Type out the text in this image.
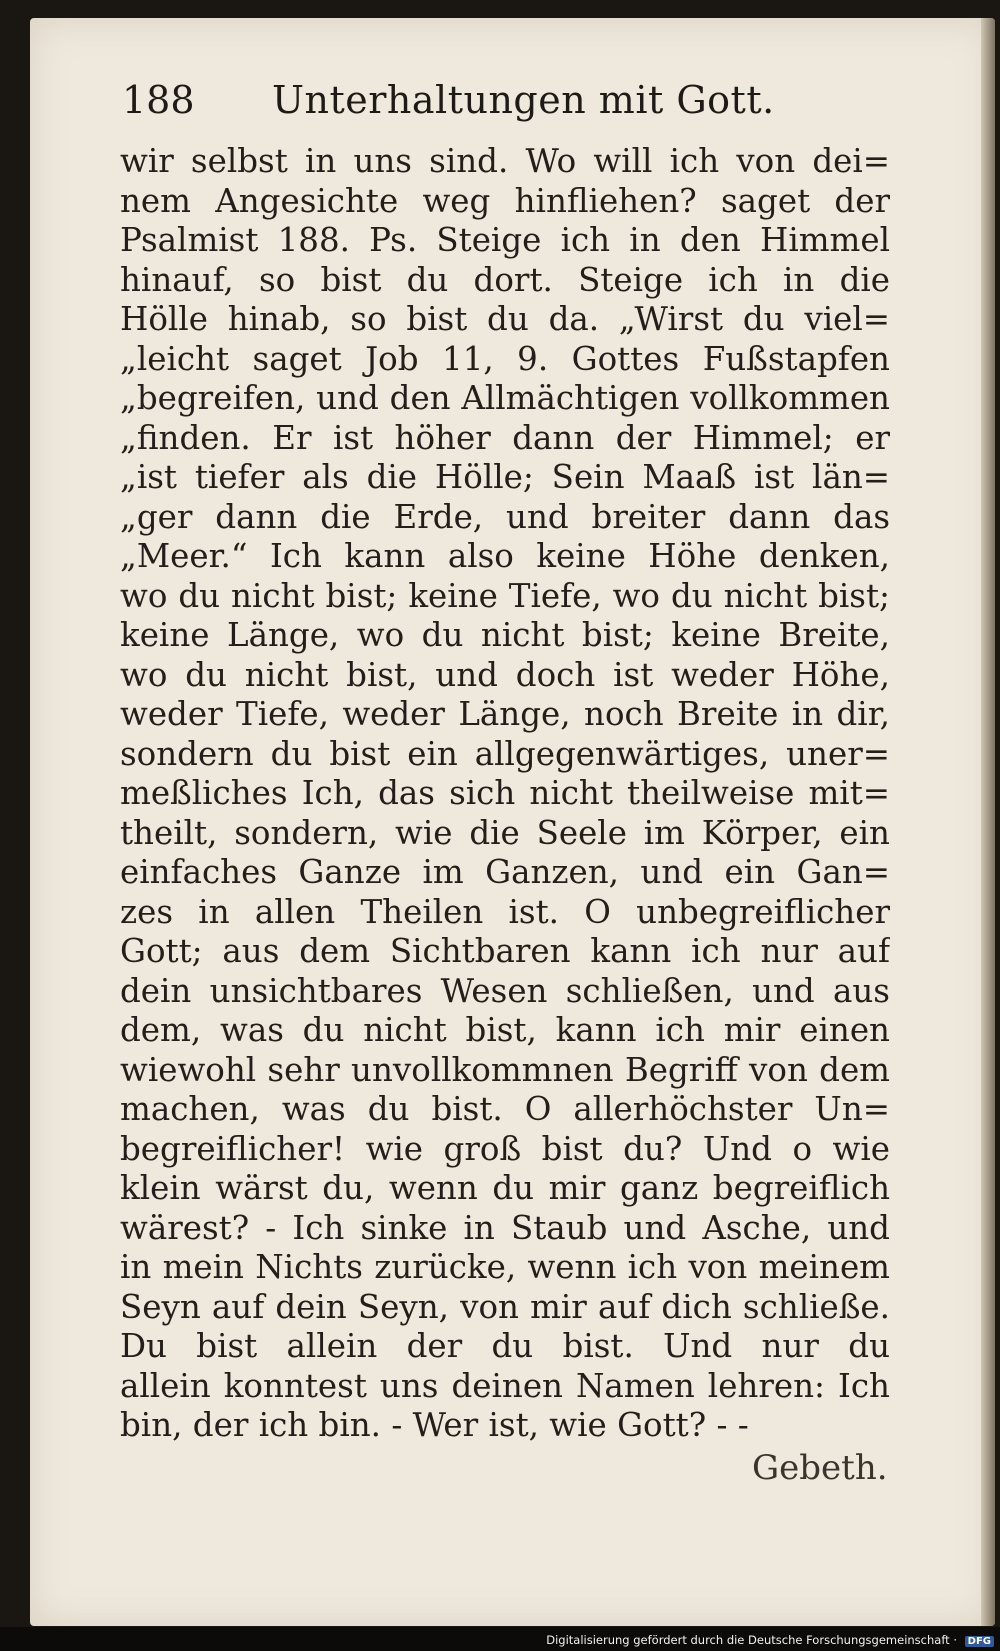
188 Unterhaltungen mit Gott.
wir selbst in uns sind. Wo will ich von dei=
nem Angesichte weg hinfliehen? saget der
Psalmist 188. Ps. Steige ich in den Himmel
hinauf, so bist du dort. Steige ich in die
Hölle hinab, so bist du da. „Wirst du viel=
„leicht saget Job 11, 9. Gottes Fußstapfen
„begreifen, und den Allmächtigen vollkommen
„finden. Er ist höher dann der Himmel; er
„ist tiefer als die Hölle; Sein Maaß ist län=
„ger dann die Erde, und breiter dann das
„Meer.“ Ich kann also keine Höhe denken,
wo du nicht bist; keine Tiefe, wo du nicht bist;
keine Länge, wo du nicht bist; keine Breite,
wo du nicht bist, und doch ist weder Höhe,
weder Tiefe, weder Länge, noch Breite in dir,
sondern du bist ein allgegenwärtiges, uner=
meßliches Ich, das sich nicht theilweise mit=
theilt, sondern, wie die Seele im Körper, ein
einfaches Ganze im Ganzen, und ein Gan=
zes in allen Theilen ist. O unbegreiflicher
Gott; aus dem Sichtbaren kann ich nur auf
dein unsichtbares Wesen schließen, und aus
dem, was du nicht bist, kann ich mir einen
wiewohl sehr unvollkommnen Begriff von dem
machen, was du bist. O allerhöchster Un=
begreiflicher! wie groß bist du? Und o wie
klein wärst du, wenn du mir ganz begreiflich
wärest? - Ich sinke in Staub und Asche, und
in mein Nichts zurücke, wenn ich von meinem
Seyn auf dein Seyn, von mir auf dich schließe.
Du bist allein der du bist. Und nur du
allein konntest uns deinen Namen lehren: Ich
bin, der ich bin. - Wer ist, wie Gott? - -
Gebeth.
Digitalisierung gefördert durch die Deutsche Forschungsgemeinschaft · DFG
